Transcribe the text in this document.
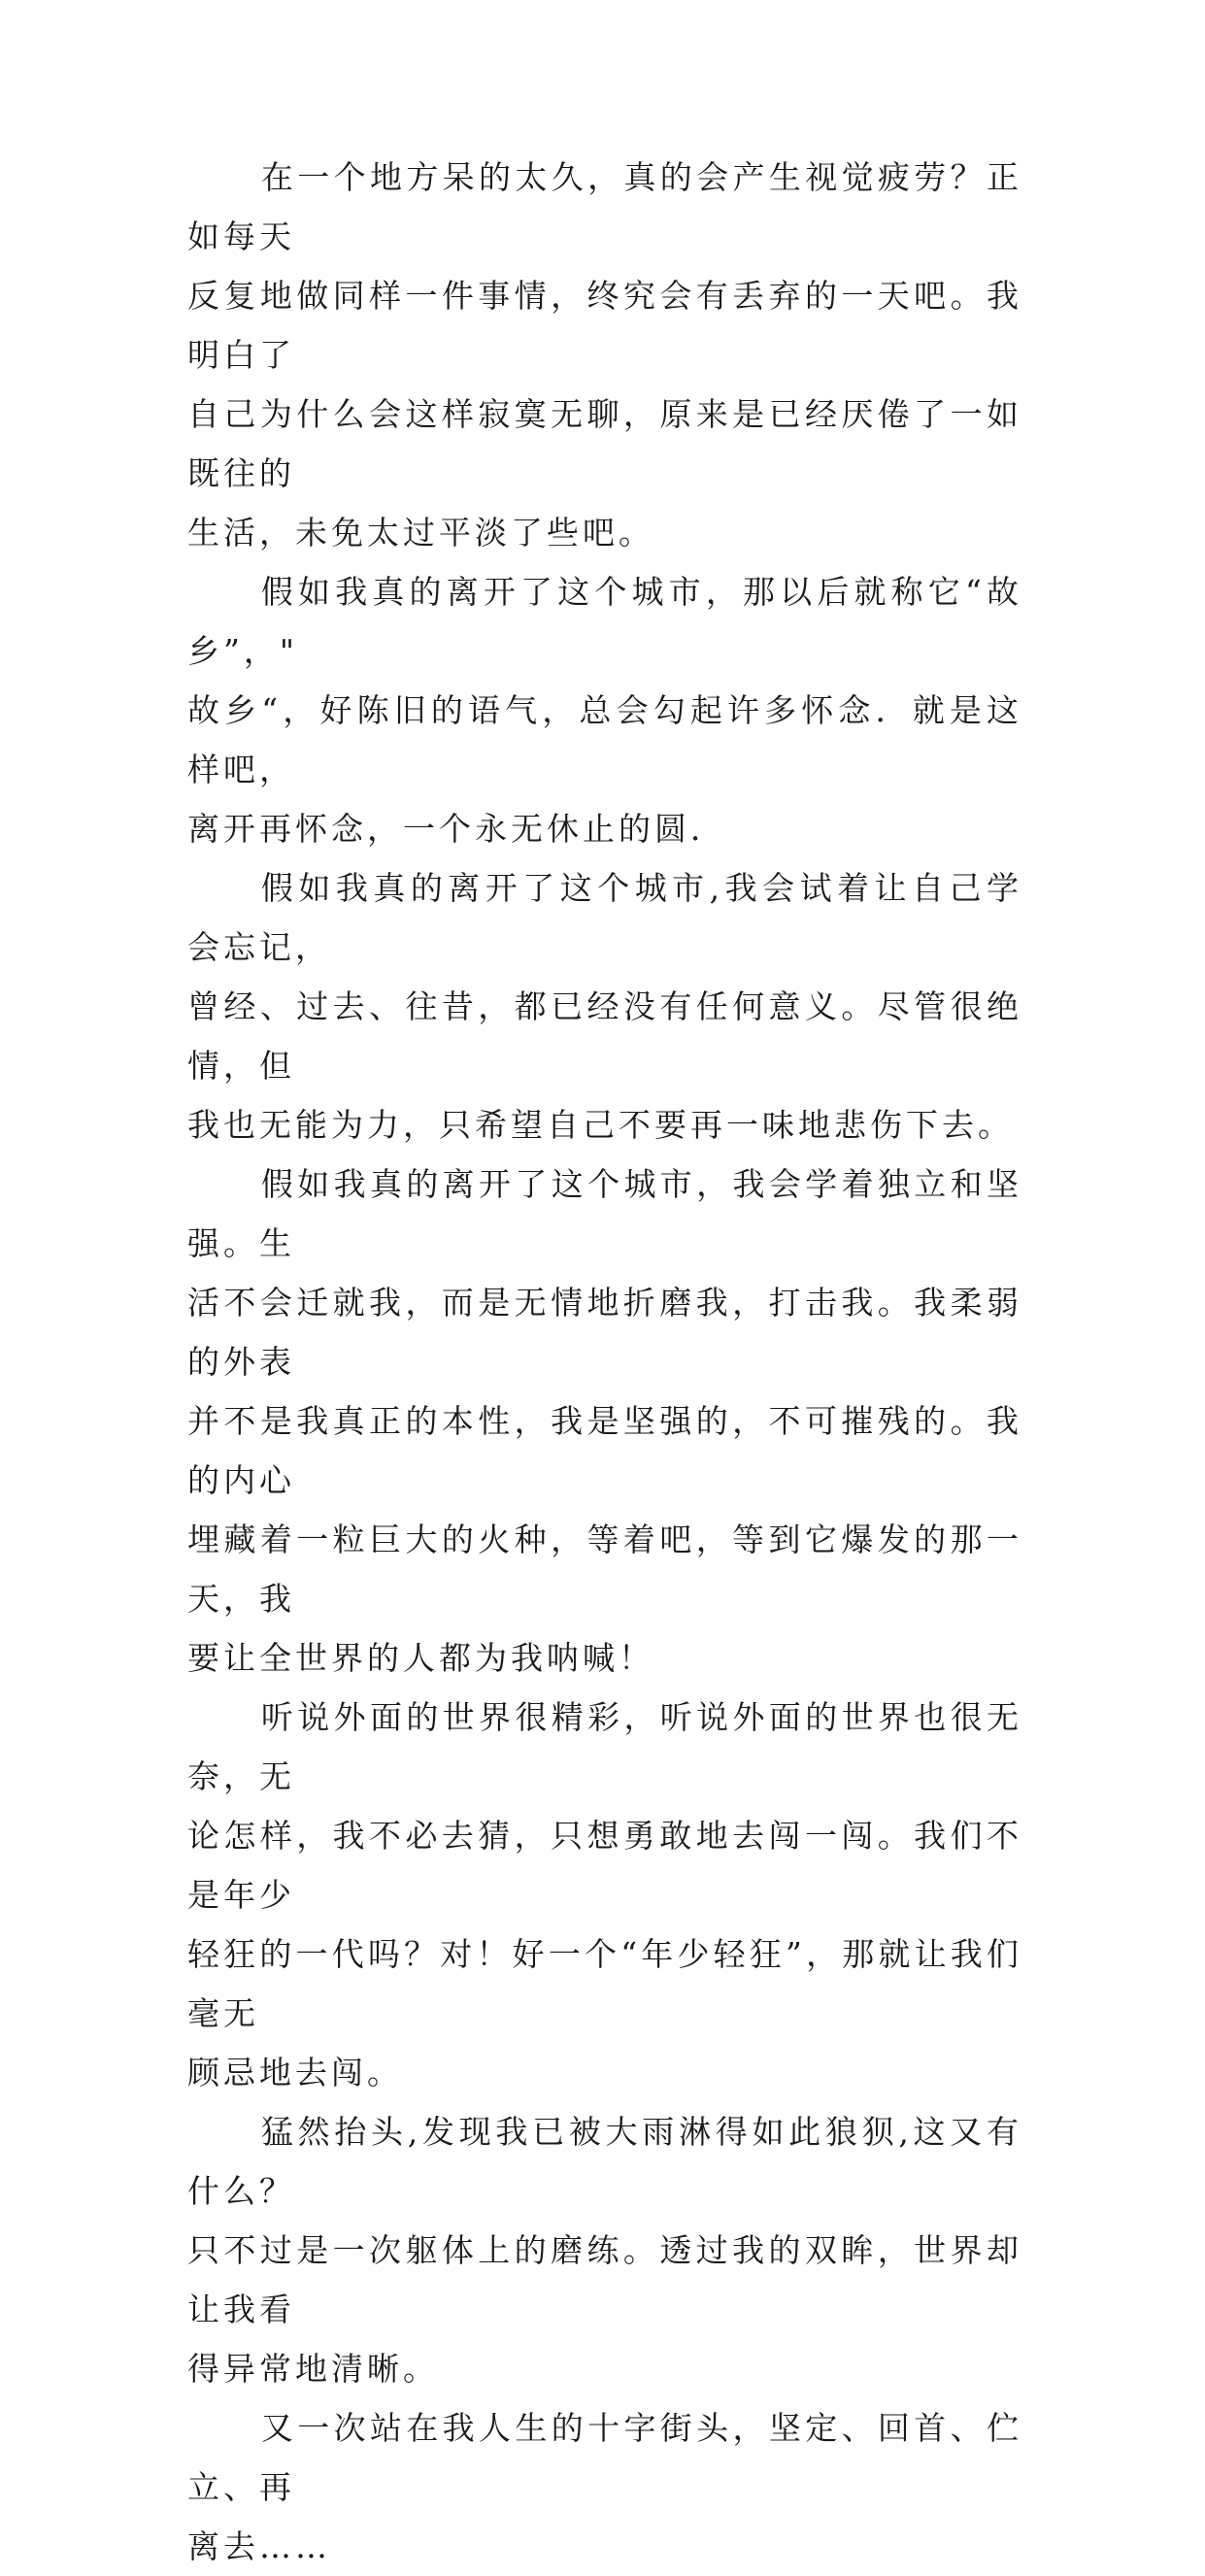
在一个地方呆的太久，真的会产生视觉疲劳？正如每天
反复地做同样一件事情，终究会有丢弃的一天吧。我明白了
自己为什么会这样寂寞无聊，原来是已经厌倦了一如既往的
生活，未免太过平淡了些吧。

假如我真的离开了这个城市，那以后就称它“故乡”，"
故乡“，好陈旧的语气，总会勾起许多怀念．就是这样吧，
离开再怀念，一个永无休止的圆．

假如我真的离开了这个城市,我会试着让自己学会忘记，
曾经、过去、往昔，都已经没有任何意义。尽管很绝情，但
我也无能为力，只希望自己不要再一味地悲伤下去。

假如我真的离开了这个城市，我会学着独立和坚强。生
活不会迁就我，而是无情地折磨我，打击我。我柔弱的外表
并不是我真正的本性，我是坚强的，不可摧残的。我的内心
埋藏着一粒巨大的火种，等着吧，等到它爆发的那一天，我
要让全世界的人都为我呐喊！

听说外面的世界很精彩，听说外面的世界也很无奈，无
论怎样，我不必去猜，只想勇敢地去闯一闯。我们不是年少
轻狂的一代吗？对！好一个“年少轻狂”，那就让我们毫无
顾忌地去闯。

猛然抬头,发现我已被大雨淋得如此狼狈,这又有什么？
只不过是一次躯体上的磨练。透过我的双眸，世界却让我看
得异常地清晰。

又一次站在我人生的十字街头，坚定、回首、伫立、再
离去……
